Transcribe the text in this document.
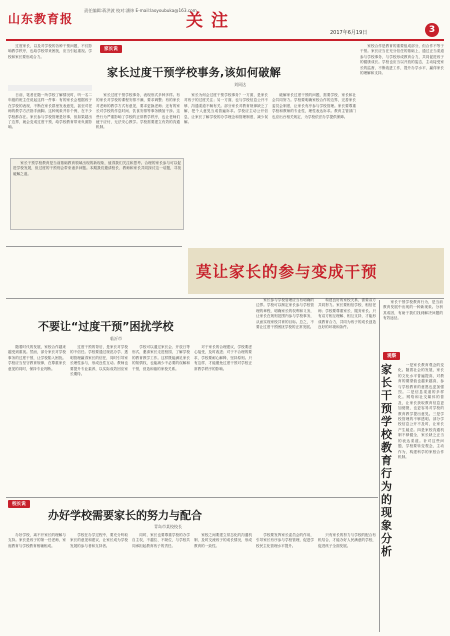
山东教育报
责任编辑:蒋洪波 校对:潘炜 E-mail:laoyoubuka@163.com
关注
2017年6月19日	3
　　过度家长，以及对学校的各种干预问题，不仅影响教学秩序，也给学校带来困扰，应当引起重视。学校和家长要形成合力。
家长说
家长过度干预学校事务,该如何破解
刘同达
　　日前，笔者在随一所学校了解情况时，听一名二年级的班主任说起这样一件事：有的家长会根据孩子在学校的表现，不断在家长群里发表意见，甚至对老师的教学方法指手画脚。这种现象并非个例，在不少学校都存在。家长参与学校管理是好事，但如果超出了边界，就会变成过度干预，给学校教育带来负面影响。
　　家长过度干预学校事务，表现形式多种多样。有的家长对学校的课程安排不满，要求调整；有的家长对老师的教学方式有意见，要求更换老师；还有的家长对学校的作息时间、饮食安排等事务横加干涉。这些行为严重影响了学校的正常教学秩序，也让老师们疲于应付，无法安心教学。学校需要建立有效的沟通机制。
　　家长为何会过度干预学校事务？一方面，是家长对孩子的过度关注；另一方面，也与学校信息公开不够、沟通渠道不畅有关。部分家长对教育规律缺乏了解，把个人意见当成普遍诉求。学校应主动公开信息，让家长了解学校的办学理念和管理制度，减少误解。
　　破解家长过度干预的问题，需要学校、家长和社会共同努力。学校要明确家校合作的边界，完善家长委员会制度，让家长有序参与学校管理。家长要尊重学校和教师的专业性，理性表达诉求。教育主管部门也应出台相关规定，为学校依法办学提供保障。
　　家校合作是教育的重要组成部分，但合作不等于干预。家长应当在充分信任的基础上，通过正当渠道参与学校事务，与学校形成教育合力，共同促进孩子的健康成长。学校也应当以开放的姿态，主动接受家长的监督，不断改进工作，提升办学水平，赢得家长的理解和支持。
　　家长干预学校教育是当前基础教育领域出现的新现象，值得我们关注和思考。合理的家长参与可以促进学校发展，但过度的干预则会带来诸多问题。本期我们邀请校长、教师和家长共同探讨这一话题，寻找破解之道。
莫让家长的参与变成干预
不要让“过度干预”困扰学校
临沂市
　　随着时代的发展，家校合作越来越受到重视。然而，部分家长对学校事务的过度干预，让学校陷入困扰。学校应当坚守教育规律，在尊重家长意见的同时，保持专业判断。
　　过度干预的背后，是家长对学校的不信任。学校要通过规范办学、透明管理赢得家长的信任，同时引导家长理性参与，形成良性互动。教师也要提升专业素养，以实际成效回应家长期待。
　　学校可以通过家长会、开放日等形式，邀请家长走进校园，了解学校的教育教学工作。这样既能满足家长的知情权，也能减少不必要的误解和干预，营造和谐的家校关系。
　　对于家长的合理建议，学校要虚心接受，及时改进；对于不合理的要求，学校要耐心解释，坚持原则。只有这样，才能避免过度干预对学校正常教学秩序的影响。
　　家长参与学校管理应当有明确的边界。学校可以制定家长参与学校管理的章程，明确家长的权利和义务，让家长在规则范围内参与学校事务，从而实现家校共育的目标。总之，不要让过度干预困扰学校的正常发展。
　　构建良好的家校关系，需要双方共同努力。家长要相信学校、相信老师；学校要尊重家长、服务家长。只有双方相互理解、相互支持，才能形成教育合力，共同为孩子的成长创造良好的环境和条件。
校长说
办好学校需要家长的努力与配合
青岛市某校校长
　　办好学校，离不开家长的理解与支持。家长是孩子的第一任老师，家庭教育与学校教育相辅相成。
　　学校在办学过程中，要充分听取家长的意见和建议，让家长成为学校发展的参与者和支持者。
　　同时，家长也要尊重学校的办学自主权，不越位、不缺位，与学校共同承担起教育孩子的责任。
　　家校之间要建立常态化的沟通机制，及时交流孩子的成长情况，形成教育的一致性。
　　学校要发挥家长委员会的作用，引导家长有序参与学校管理，促进学校民主化管理水平提升。
　　只有家长的努力与学校的配合有机结合，才能办好人民满意的学校，促进孩子全面发展。
　　家长干预学校教育行为，是当前教育发展中出现的一种新现象。分析其成因，有助于我们找到解决问题的有效途径。
观察
家长干预学校教育行为的现象分析
　　一是家长教育观念的变化。随着社会的发展，家长的文化水平普遍提高，对教育的期望值也越来越高，参与学校教育的意愿也更加强烈。二是信息渠道的多样化。网络和社交媒体的普及，让家长获取教育信息更加便捷，也更容易对学校的教育教学提出意见。三是学校管理的不够透明。部分学校信息公开不及时，让家长产生疑虑。四是家校沟通机制不够健全，家长缺乏正当的表达渠道。针对这些问题，学校要转变观念，主动作为，构建科学的家校合作机制。
